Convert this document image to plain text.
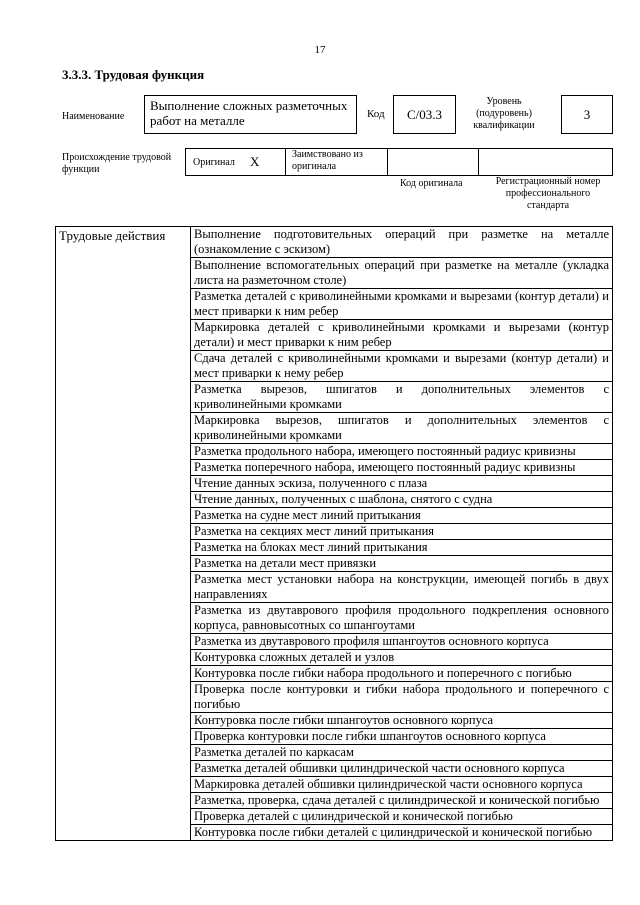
17
3.3.3. Трудовая функция
Наименование
Выполнение сложных разметочных работ на металле	Код	С/03.3
Уровень (подуровень) квалификации
3
Происхождение трудовой функции
Оригинал Х	Заимствовано из оригинала
Код оригинала	Регистрационный номер профессионального стандарта
Трудовые действия	Выполнение подготовительных операций при разметке на металле (ознакомление с эскизом)
Выполнение вспомогательных операций при разметке на металле (укладка листа на разметочном столе)
Разметка деталей с криволинейными кромками и вырезами (контур детали) и мест приварки к ним ребер
Маркировка деталей с криволинейными кромками и вырезами (контур детали) и мест приварки к ним ребер
Сдача деталей с криволинейными кромками и вырезами (контур детали) и мест приварки к нему ребер
Разметка вырезов, шпигатов и дополнительных элементов с криволинейными кромками
Маркировка вырезов, шпигатов и дополнительных элементов с криволинейными кромками
Разметка продольного набора, имеющего постоянный радиус кривизны
Разметка поперечного набора, имеющего постоянный радиус кривизны
Чтение данных эскиза, полученного с плаза
Чтение данных, полученных с шаблона, снятого с судна
Разметка на судне мест линий притыкания
Разметка на секциях мест линий притыкания
Разметка на блоках мест линий притыкания
Разметка на детали мест привязки
Разметка мест установки набора на конструкции, имеющей погибь в двух направлениях
Разметка из двутаврового профиля продольного подкрепления основного корпуса, равновысотных со шпангоутами
Разметка из двутаврового профиля шпангоутов основного корпуса
Контуровка сложных деталей и узлов
Контуровка после гибки набора продольного и поперечного с погибью
Проверка после контуровки и гибки набора продольного и поперечного с погибью
Контуровка после гибки шпангоутов основного корпуса
Проверка контуровки после гибки шпангоутов основного корпуса
Разметка деталей по каркасам
Разметка деталей обшивки цилиндрической части основного корпуса
Маркировка деталей обшивки цилиндрической части основного корпуса
Разметка, проверка, сдача деталей с цилиндрической и конической погибью
Проверка деталей с цилиндрической и конической погибью
Контуровка после гибки деталей с цилиндрической и конической погибью
